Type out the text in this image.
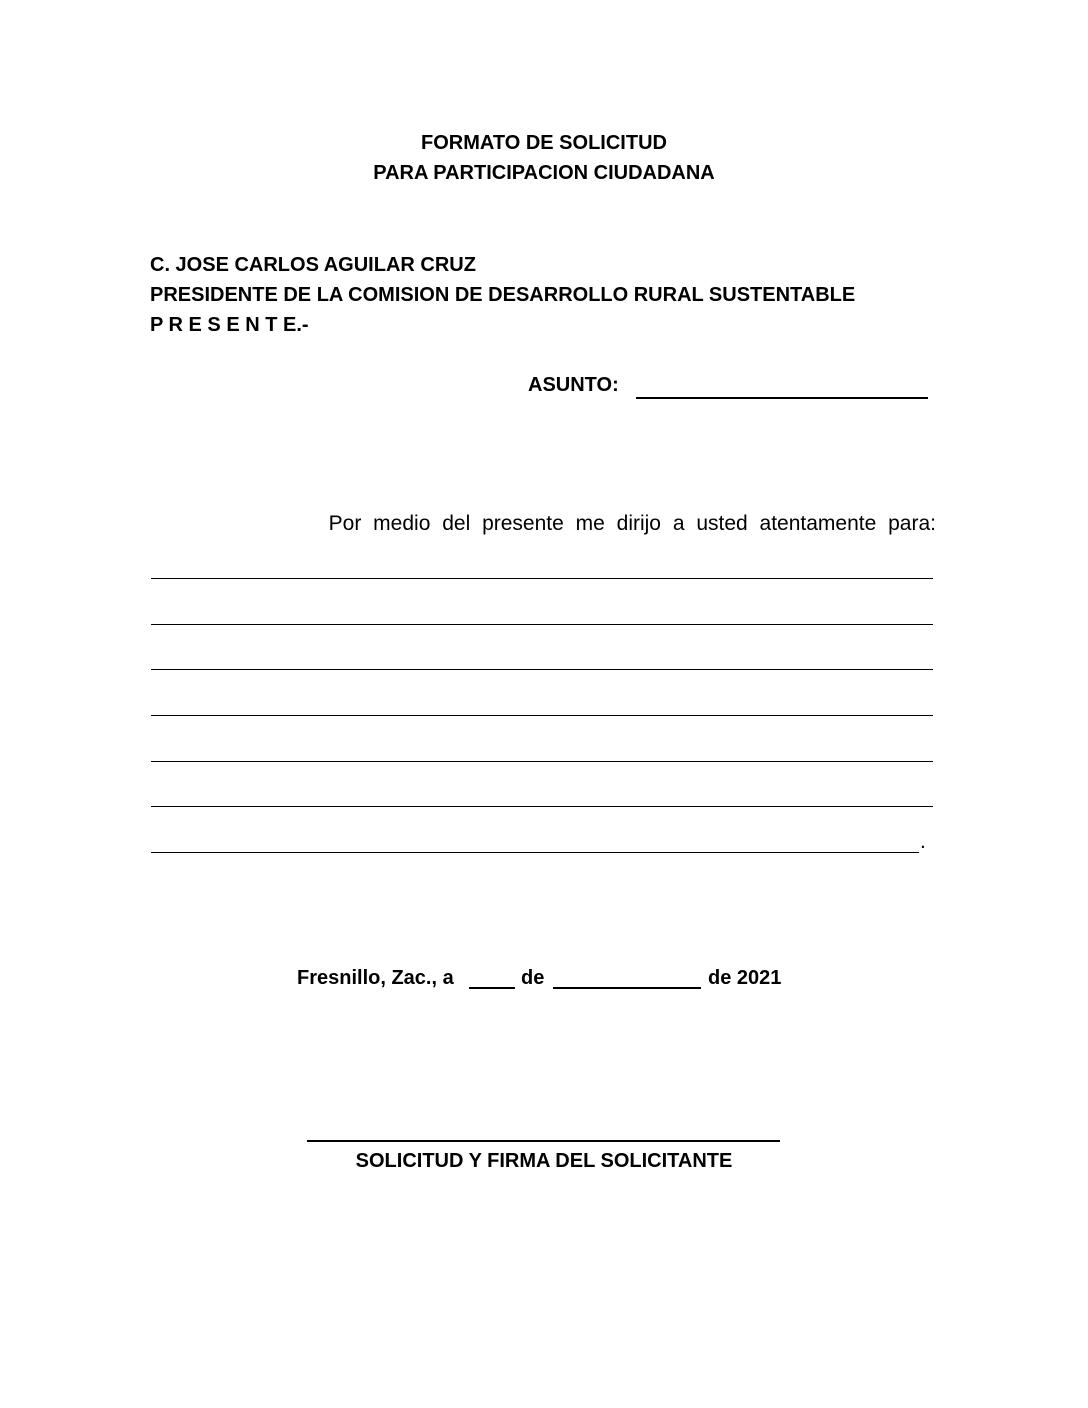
FORMATO DE SOLICITUD
PARA PARTICIPACION CIUDADANA
C. JOSE CARLOS AGUILAR CRUZ
PRESIDENTE DE LA COMISION DE DESARROLLO RURAL SUSTENTABLE
P R E S E N T E.-
ASUNTO:
Por medio del presente me dirijo a usted atentamente para:
.
Fresnillo, Zac., a	de	de 2021
SOLICITUD Y FIRMA DEL SOLICITANTE
